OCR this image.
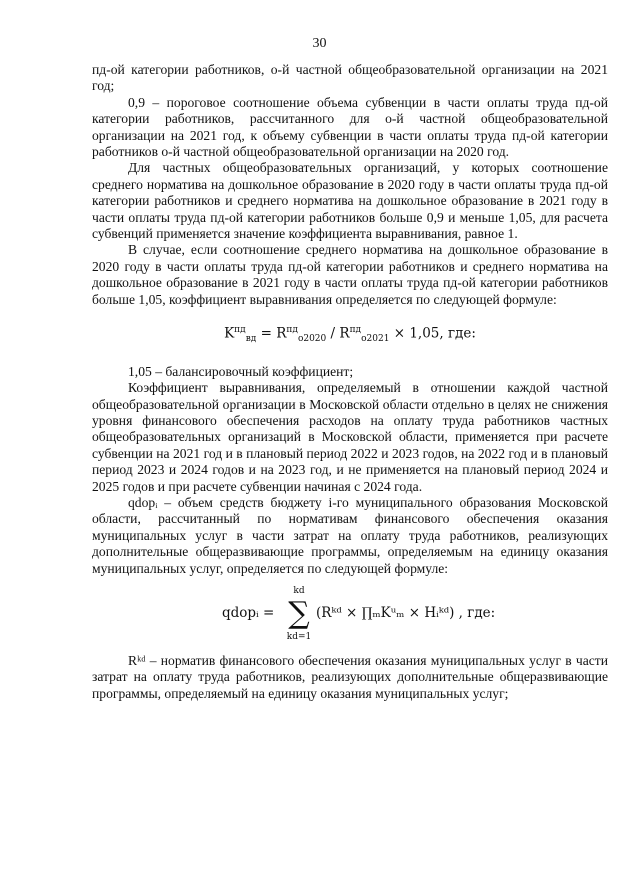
30

пд-ой категории работников, о-й частной общеобразовательной организации на 2021 год;

0,9 – пороговое соотношение объема субвенции в части оплаты труда пд-ой категории работников, рассчитанного для о-й частной общеобразовательной организации на 2021 год, к объему субвенции в части оплаты труда пд-ой категории работников о-й частной общеобразовательной организации на 2020 год.

Для частных общеобразовательных организаций, у которых соотношение среднего норматива на дошкольное образование в 2020 году в части оплаты труда пд-ой категории работников и среднего норматива на дошкольное образование в 2021 году в части оплаты труда пд-ой категории работников больше 0,9 и меньше 1,05, для расчета субвенций применяется значение коэффициента выравнивания, равное 1.

В случае, если соотношение среднего норматива на дошкольное образование в 2020 году в части оплаты труда пд-ой категории работников и среднего норматива на дошкольное образование в 2021 году в части оплаты труда пд-ой категории работников больше 1,05, коэффициент выравнивания определяется по следующей формуле:

$K^{пд}_{вд} = R^{пд}_{о2020} / R^{пд}_{о2021} \times 1,05$, где:

1,05 – балансировочный коэффициент;

Коэффициент выравнивания, определяемый в отношении каждой частной общеобразовательной организации в Московской области отдельно в целях не снижения уровня финансового обеспечения расходов на оплату труда работников частных общеобразовательных организаций в Московской области, применяется при расчете субвенции на 2021 год и в плановый период 2022 и 2023 годов, на 2022 год и в плановый период 2023 и 2024 годов и на 2023 год, и не применяется на плановый период 2024 и 2025 годов и при расчете субвенции начиная с 2024 года.

qdopᵢ – объем средств бюджету i-го муниципального образования Московской области, рассчитанный по нормативам финансового обеспечения оказания муниципальных услуг в части затрат на оплату труда работников, реализующих дополнительные общеразвивающие программы, определяемым на единицу оказания муниципальных услуг, определяется по следующей формуле:

qdopᵢ =
kd
∑
kd=1
(Rᵏᵈ × ∏ₘKᵘₘ × Hᵢᵏᵈ) , где:

Rᵏᵈ – норматив финансового обеспечения оказания муниципальных услуг в части затрат на оплату труда работников, реализующих дополнительные общеразвивающие программы, определяемый на единицу оказания муниципальных услуг;
